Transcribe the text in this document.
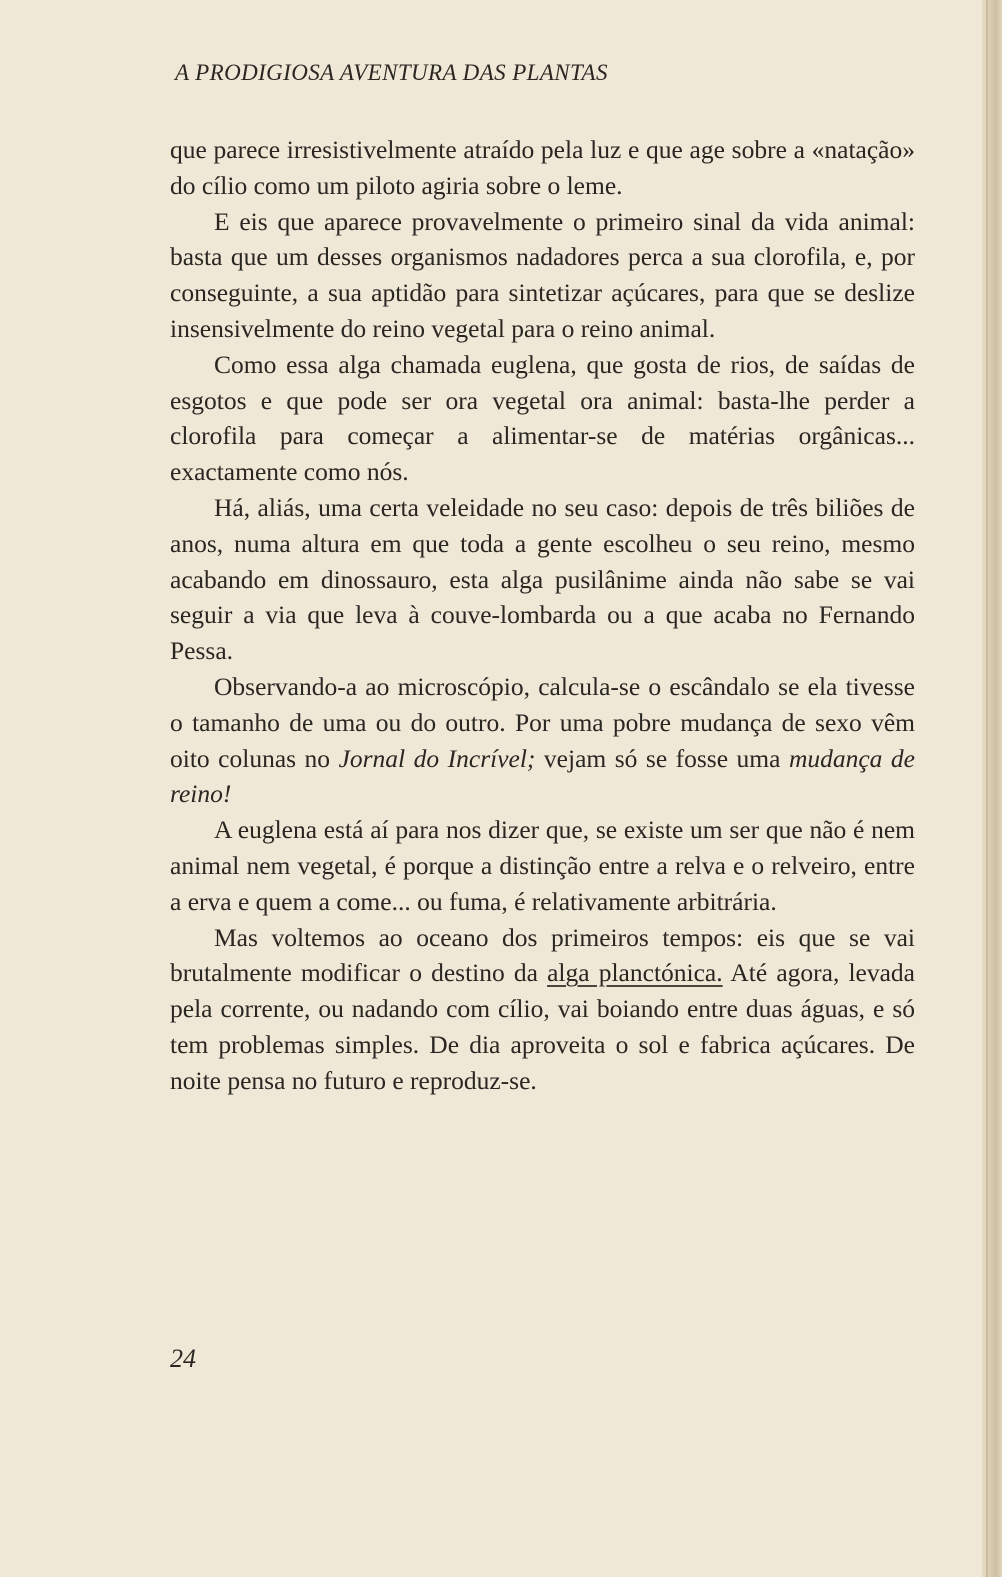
A PRODIGIOSA AVENTURA DAS PLANTAS

que parece irresistivelmente atraído pela luz e que age sobre a «natação» do cílio como um piloto agiria sobre o leme.

E eis que aparece provavelmente o primeiro sinal da vida animal: basta que um desses organismos nadadores perca a sua clorofila, e, por conseguinte, a sua aptidão para sintetizar açúcares, para que se deslize insensivelmente do reino vegetal para o reino animal.

Como essa alga chamada euglena, que gosta de rios, de saídas de esgotos e que pode ser ora vegetal ora animal: basta-lhe perder a clorofila para começar a alimentar-se de matérias orgânicas... exactamente como nós.

Há, aliás, uma certa veleidade no seu caso: depois de três biliões de anos, numa altura em que toda a gente escolheu o seu reino, mesmo acabando em dinossauro, esta alga pusilânime ainda não sabe se vai seguir a via que leva à couve-lombarda ou a que acaba no Fernando Pessa.

Observando-a ao microscópio, calcula-se o escândalo se ela tivesse o tamanho de uma ou do outro. Por uma pobre mudança de sexo vêm oito colunas no Jornal do Incrível; vejam só se fosse uma mudança de reino!

A euglena está aí para nos dizer que, se existe um ser que não é nem animal nem vegetal, é porque a distinção entre a relva e o relveiro, entre a erva e quem a come... ou fuma, é relativamente arbitrária.

Mas voltemos ao oceano dos primeiros tempos: eis que se vai brutalmente modificar o destino da alga planctónica. Até agora, levada pela corrente, ou nadando com cílio, vai boiando entre duas águas, e só tem problemas simples. De dia aproveita o sol e fabrica açúcares. De noite pensa no futuro e reproduz-se.

24
